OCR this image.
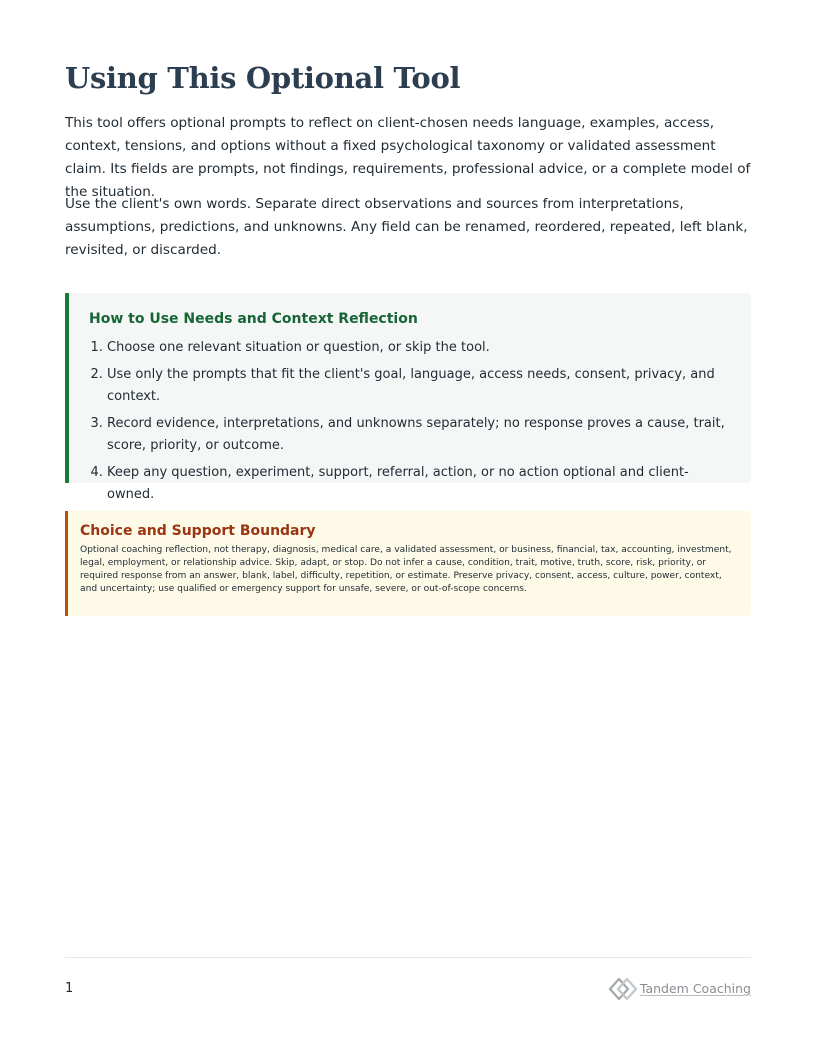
Using This Optional Tool

This tool offers optional prompts to reflect on client-chosen needs language, examples, access, context, tensions, and options without a fixed psychological taxonomy or validated assessment claim. Its fields are prompts, not findings, requirements, professional advice, or a complete model of the situation.

Use the client's own words. Separate direct observations and sources from interpretations, assumptions, predictions, and unknowns. Any field can be renamed, reordered, repeated, left blank, revisited, or discarded.

How to Use Needs and Context Reflection
1. Choose one relevant situation or question, or skip the tool.
2. Use only the prompts that fit the client's goal, language, access needs, consent, privacy, and context.
3. Record evidence, interpretations, and unknowns separately; no response proves a cause, trait, score, priority, or outcome.
4. Keep any question, experiment, support, referral, action, or no action optional and client-owned.
Choice and Support Boundary

Optional coaching reflection, not therapy, diagnosis, medical care, a validated assessment, or business, financial, tax, accounting, investment, legal, employment, or relationship advice. Skip, adapt, or stop. Do not infer a cause, condition, trait, motive, truth, score, risk, priority, or required response from an answer, blank, label, difficulty, repetition, or estimate. Preserve privacy, consent, access, culture, power, context, and uncertainty; use qualified or emergency support for unsafe, severe, or out-of-scope concerns.

1	Tandem Coaching
